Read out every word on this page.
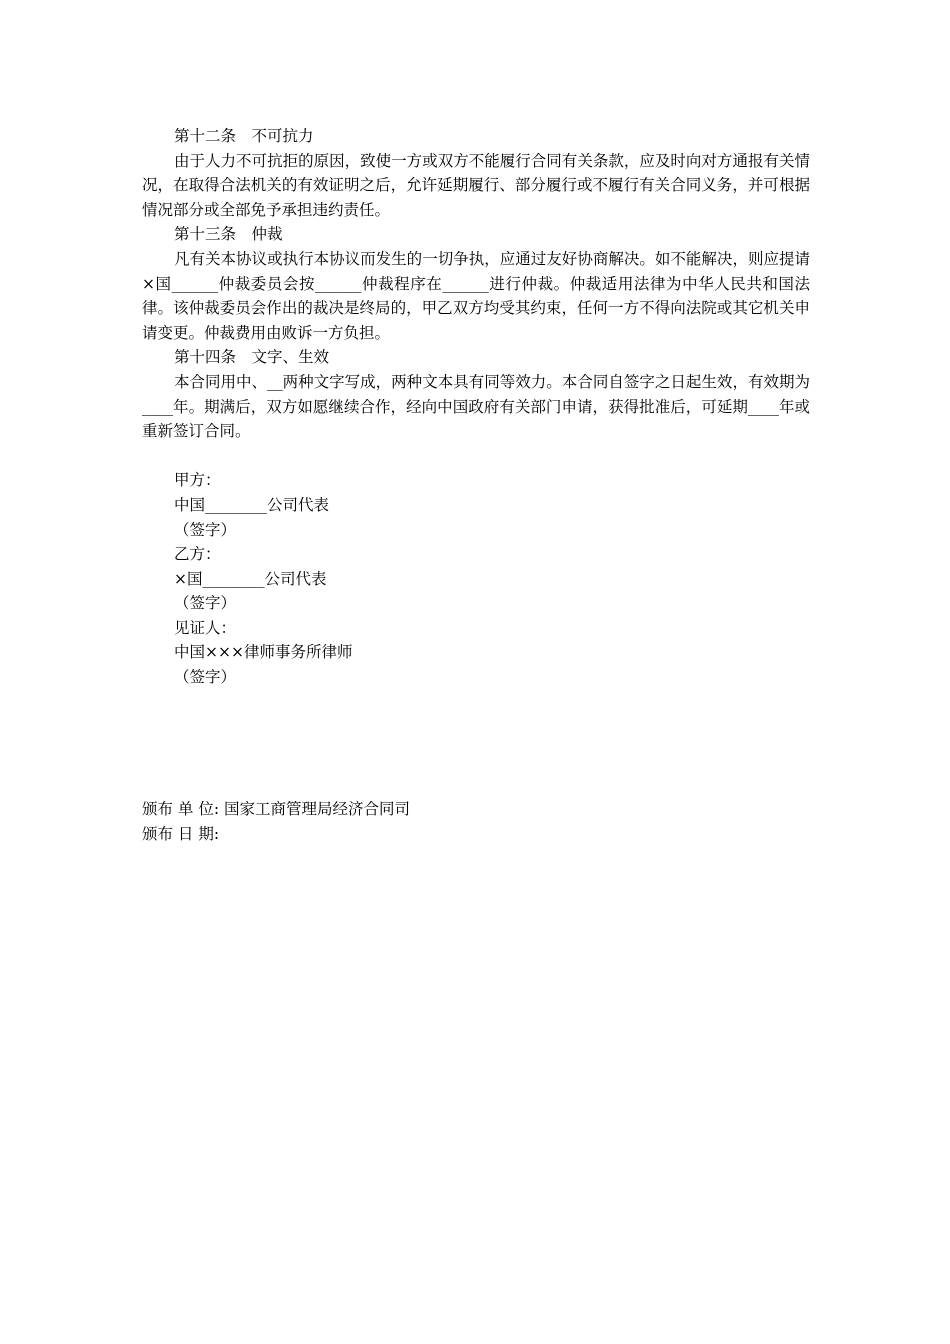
第十二条　不可抗力

由于人力不可抗拒的原因，致使一方或双方不能履行合同有关条款，应及时向对方通报有关情况，在取得合法机关的有效证明之后，允许延期履行、部分履行或不履行有关合同义务，并可根据情况部分或全部免予承担违约责任。

第十三条　仲裁

凡有关本协议或执行本协议而发生的一切争执，应通过友好协商解决。如不能解决，则应提请×国______仲裁委员会按______仲裁程序在______进行仲裁。仲裁适用法律为中华人民共和国法律。该仲裁委员会作出的裁决是终局的，甲乙双方均受其约束，任何一方不得向法院或其它机关申请变更。仲裁费用由败诉一方负担。

第十四条　文字、生效

本合同用中、__两种文字写成，两种文本具有同等效力。本合同自签字之日起生效，有效期为____年。期满后，双方如愿继续合作，经向中国政府有关部门申请，获得批准后，可延期____年或重新签订合同。

甲方：

中国________公司代表

（签字）

乙方：

×国________公司代表

（签字）

见证人：

中国×××律师事务所律师

（签字）

颁布 单 位: 国家工商管理局经济合同司

颁布 日 期:
